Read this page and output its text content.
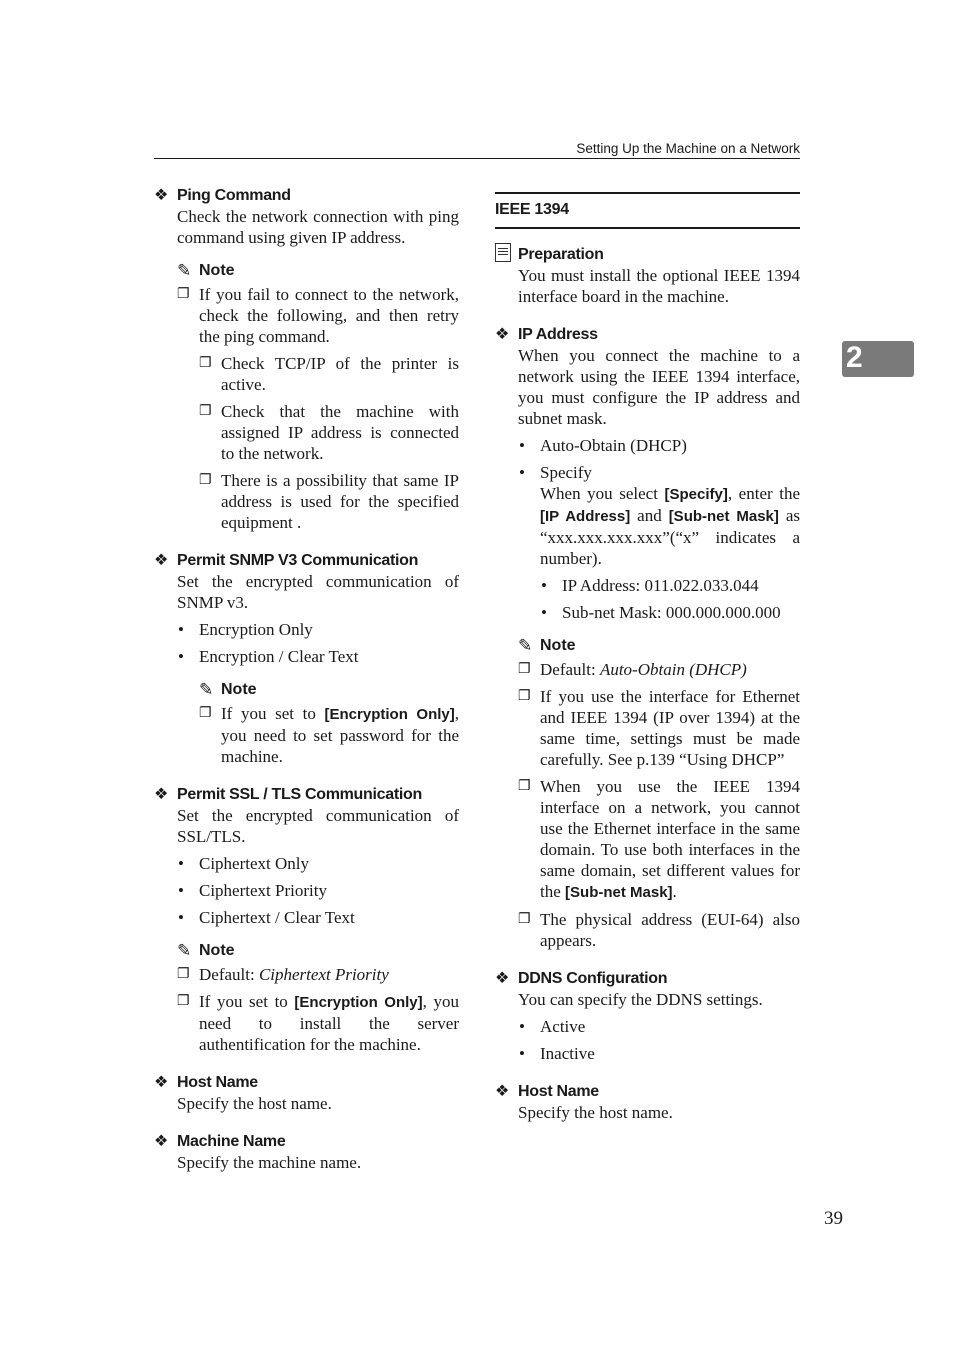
Setting Up the Machine on a Network
2
❖ Ping Command
Check the network connection with ping command using given IP address.
✎ Note
❐ If you fail to connect to the network, check the following, and then retry the ping command.
❐ Check TCP/IP of the printer is active.
❐ Check that the machine with assigned IP address is connected to the network.
❐ There is a possibility that same IP address is used for the specified equipment .
❖ Permit SNMP V3 Communication
Set the encrypted communication of SNMP v3.
• Encryption Only
• Encryption / Clear Text
✎ Note
❐ If you set to [Encryption Only], you need to set password for the machine.
❖ Permit SSL / TLS Communication
Set the encrypted communication of SSL/TLS.
• Ciphertext Only
• Ciphertext Priority
• Ciphertext / Clear Text
✎ Note
❐ Default: Ciphertext Priority
❐ If you set to [Encryption Only], you need to install the server authentification for the machine.
❖ Host Name
Specify the host name.
❖ Machine Name
Specify the machine name.
IEEE 1394
Preparation
You must install the optional IEEE 1394 interface board in the machine.
❖ IP Address
When you connect the machine to a network using the IEEE 1394 interface, you must configure the IP address and subnet mask.
• Auto-Obtain (DHCP)
• Specify

When you select [Specify], enter the [IP Address] and [Sub-net Mask] as “xxx.xxx.xxx.xxx”(“x” indicates a number).
• IP Address: 011.022.033.044
• Sub-net Mask: 000.000.000.000
✎ Note
❐ Default: Auto-Obtain (DHCP)
❐ If you use the interface for Ethernet and IEEE 1394 (IP over 1394) at the same time, settings must be made carefully. See p.139 “Using DHCP”
❐ When you use the IEEE 1394 interface on a network, you cannot use the Ethernet interface in the same domain. To use both interfaces in the same domain, set different values for the [Sub-net Mask].
❐ The physical address (EUI-64) also appears.
❖ DDNS Configuration
You can specify the DDNS settings.
• Active
• Inactive
❖ Host Name
Specify the host name.
39
